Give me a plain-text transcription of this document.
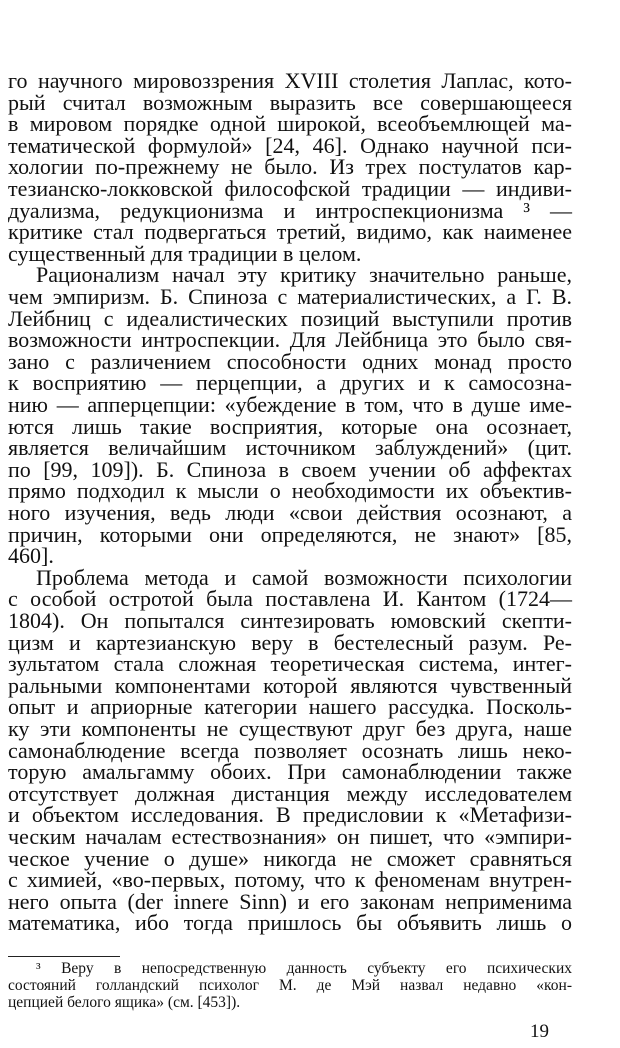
го научного мировоззрения XVIII столетия Лаплас, кото-
рый считал возможным выразить все совершающееся
в мировом порядке одной широкой, всеобъемлющей ма-
тематической формулой» [24, 46]. Однако научной пси-
хологии по-прежнему не было. Из трех постулатов кар-
тезианско-локковской философской традиции — индиви-
дуализма, редукционизма и интроспекционизма ³ —
критике стал подвергаться третий, видимо, как наименее
существенный для традиции в целом.
Рационализм начал эту критику значительно раньше,
чем эмпиризм. Б. Спиноза с материалистических, а Г. В.
Лейбниц с идеалистических позиций выступили против
возможности интроспекции. Для Лейбница это было свя-
зано с различением способности одних монад просто
к восприятию — перцепции, а других и к самосозна-
нию — апперцепции: «убеждение в том, что в душе име-
ются лишь такие восприятия, которые она осознает,
является величайшим источником заблуждений» (цит.
по [99, 109]). Б. Спиноза в своем учении об аффектах
прямо подходил к мысли о необходимости их объектив-
ного изучения, ведь люди «свои действия осознают, а
причин, которыми они определяются, не знают» [85,
460].
Проблема метода и самой возможности психологии
с особой остротой была поставлена И. Кантом (1724—
1804). Он попытался синтезировать юмовский скепти-
цизм и картезианскую веру в бестелесный разум. Ре-
зультатом стала сложная теоретическая система, интег-
ральными компонентами которой являются чувственный
опыт и априорные категории нашего рассудка. Посколь-
ку эти компоненты не существуют друг без друга, наше
самонаблюдение всегда позволяет осознать лишь неко-
торую амальгамму обоих. При самонаблюдении также
отсутствует должная дистанция между исследователем
и объектом исследования. В предисловии к «Метафизи-
ческим началам естествознания» он пишет, что «эмпири-
ческое учение о душе» никогда не сможет сравняться
с химией, «во-первых, потому, что к феноменам внутрен-
него опыта (der innere Sinn) и его законам неприменима
математика, ибо тогда пришлось бы объявить лишь о
³ Веру в непосредственную данность субъекту его психических
состояний голландский психолог М. де Мэй назвал недавно «кон-
цепцией белого ящика» (см. [453]).
19
